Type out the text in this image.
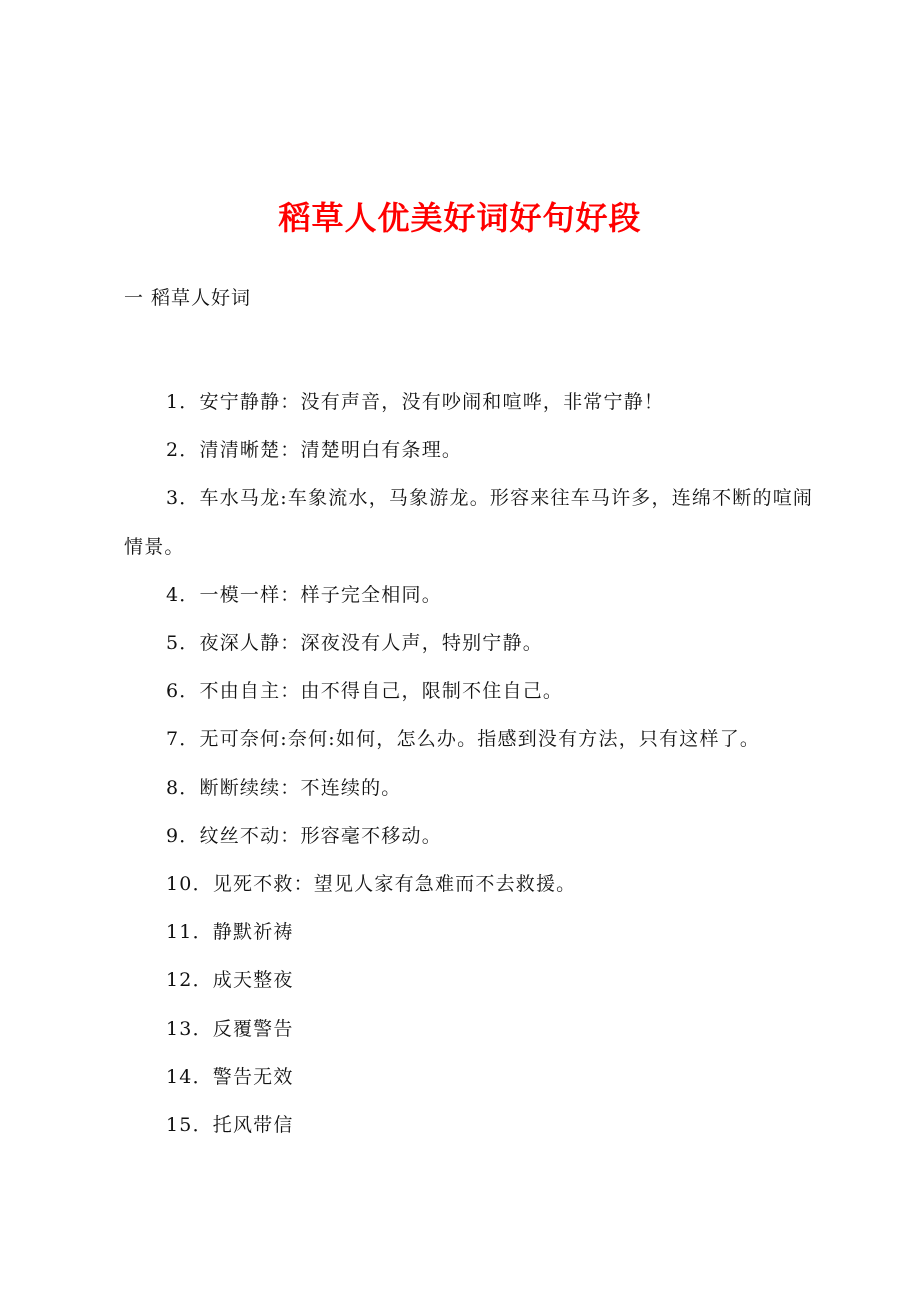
稻草人优美好词好句好段

一 稻草人好词

1．安宁静静：没有声音，没有吵闹和喧哗，非常宁静！
2．清清晰楚：清楚明白有条理。
3．车水马龙:车象流水，马象游龙。形容来往车马许多，连绵不断的喧闹情景。
4．一模一样：样子完全相同。
5．夜深人静：深夜没有人声，特别宁静。
6．不由自主：由不得自己，限制不住自己。
7．无可奈何:奈何:如何，怎么办。指感到没有方法，只有这样了。
8．断断续续：不连续的。
9．纹丝不动：形容毫不移动。
10．见死不救：望见人家有急难而不去救援。
11．静默祈祷
12．成天整夜
13．反覆警告
14．警告无效
15．托风带信
